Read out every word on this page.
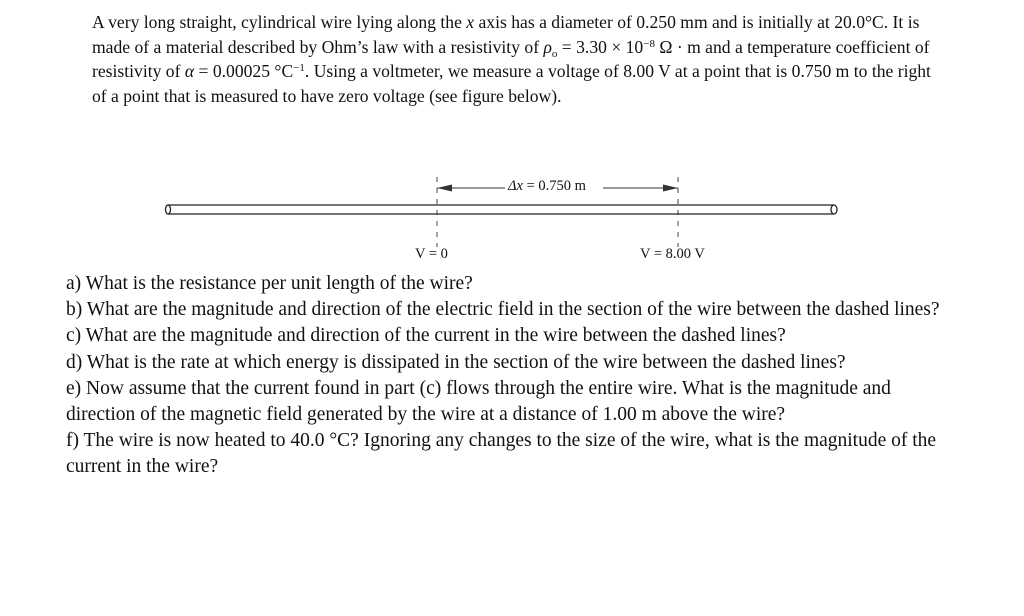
A very long straight, cylindrical wire lying along the x axis has a diameter of 0.250 mm and is initially at 20.0°C. It is made of a material described by Ohm’s law with a resistivity of $\rho_o = 3.30 \times 10^{-8}$ Ω · m and a temperature coefficient of resistivity of α = 0.00025 $^\circ C^{-1}$. Using a voltmeter, we measure a voltage of 8.00 V at a point that is 0.750 m to the right of a point that is measured to have zero voltage (see figure below).

Δx = 0.750 m
V = 0	V = 8.00 V
a) What is the resistance per unit length of the wire?
b) What are the magnitude and direction of the electric field in the section of the wire between the dashed lines?
c) What are the magnitude and direction of the current in the wire between the dashed lines?
d) What is the rate at which energy is dissipated in the section of the wire between the dashed lines?
e) Now assume that the current found in part (c) flows through the entire wire. What is the magnitude and direction of the magnetic field generated by the wire at a distance of 1.00 m above the wire?
f) The wire is now heated to 40.0 °C? Ignoring any changes to the size of the wire, what is the magnitude of the current in the wire?
